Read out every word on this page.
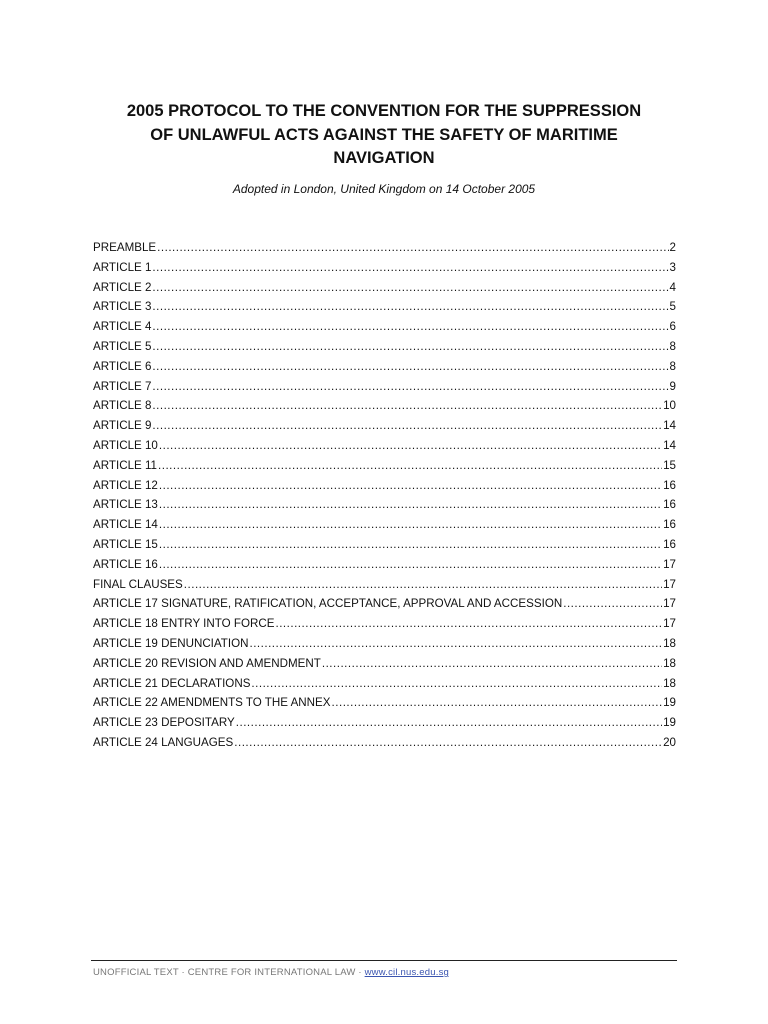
2005 PROTOCOL TO THE CONVENTION FOR THE SUPPRESSION
OF UNLAWFUL ACTS AGAINST THE SAFETY OF MARITIME
NAVIGATION

Adopted in London, United Kingdom on 14 October 2005

PREAMBLE .....	2
ARTICLE 1 .....	3
ARTICLE 2 .....	4
ARTICLE 3 .....	5
ARTICLE 4 .....	6
ARTICLE 5 .....	8
ARTICLE 6 .....	8
ARTICLE 7 .....	9
ARTICLE 8 .....	10
ARTICLE 9 .....	14
ARTICLE 10 .....	14
ARTICLE 11 .....	15
ARTICLE 12 .....	16
ARTICLE 13 .....	16
ARTICLE 14 .....	16
ARTICLE 15 .....	16
ARTICLE 16 .....	17
FINAL CLAUSES .....	17
ARTICLE 17 SIGNATURE, RATIFICATION, ACCEPTANCE, APPROVAL AND ACCESSION .....	17
ARTICLE 18 ENTRY INTO FORCE .....	17
ARTICLE 19 DENUNCIATION .....	18
ARTICLE 20 REVISION AND AMENDMENT .....	18
ARTICLE 21 DECLARATIONS .....	18
ARTICLE 22 AMENDMENTS TO THE ANNEX .....	19
ARTICLE 23 DEPOSITARY .....	19
ARTICLE 24 LANGUAGES .....	20
UNOFFICIAL TEXT · CENTRE FOR INTERNATIONAL LAW · www.cil.nus.edu.sg
